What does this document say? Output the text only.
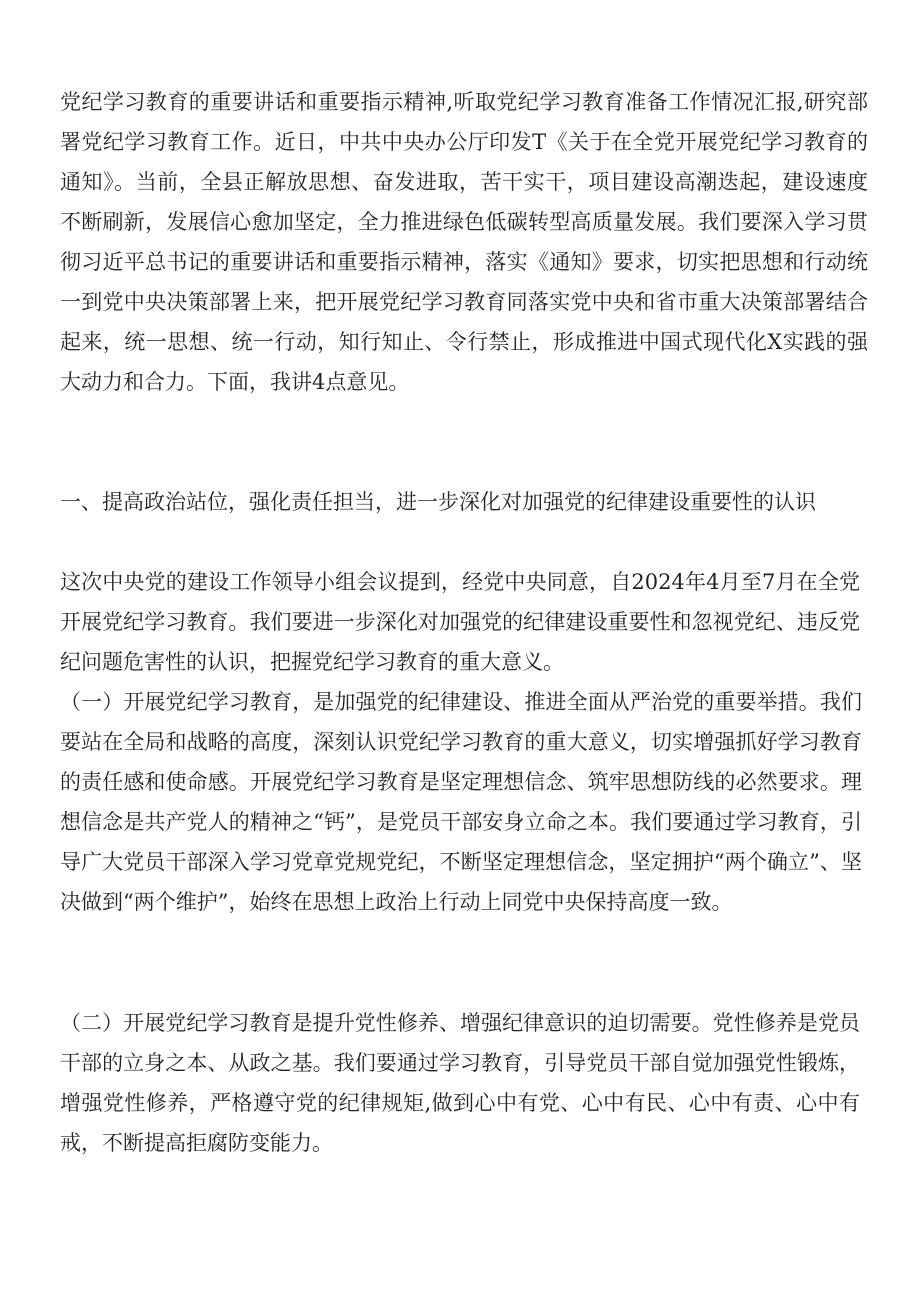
党纪学习教育的重要讲话和重要指示精神,听取党纪学习教育准备工作情况汇报,研究部署党纪学习教育工作。近日，中共中央办公厅印发T《关于在全党开展党纪学习教育的通知》。当前，全县正解放思想、奋发进取，苦干实干，项目建设高潮迭起，建设速度不断刷新，发展信心愈加坚定，全力推进绿色低碳转型高质量发展。我们要深入学习贯彻习近平总书记的重要讲话和重要指示精神，落实《通知》要求，切实把思想和行动统一到党中央决策部署上来，把开展党纪学习教育同落实党中央和省市重大决策部署结合起来，统一思想、统一行动，知行知止、令行禁止，形成推进中国式现代化X实践的强大动力和合力。下面，我讲4点意见。

一、提高政治站位，强化责任担当，进一步深化对加强党的纪律建设重要性的认识

这次中央党的建设工作领导小组会议提到，经党中央同意，自2024年4月至7月在全党开展党纪学习教育。我们要进一步深化对加强党的纪律建设重要性和忽视党纪、违反党纪问题危害性的认识，把握党纪学习教育的重大意义。

（一）开展党纪学习教育，是加强党的纪律建设、推进全面从严治党的重要举措。我们要站在全局和战略的高度，深刻认识党纪学习教育的重大意义，切实增强抓好学习教育的责任感和使命感。开展党纪学习教育是坚定理想信念、筑牢思想防线的必然要求。理想信念是共产党人的精神之“钙”，是党员干部安身立命之本。我们要通过学习教育，引导广大党员干部深入学习党章党规党纪，不断坚定理想信念，坚定拥护“两个确立”、坚决做到“两个维护”，始终在思想上政治上行动上同党中央保持高度一致。

（二）开展党纪学习教育是提升党性修养、增强纪律意识的迫切需要。党性修养是党员干部的立身之本、从政之基。我们要通过学习教育，引导党员干部自觉加强党性锻炼，增强党性修养，严格遵守党的纪律规矩,做到心中有党、心中有民、心中有责、心中有戒，不断提高拒腐防变能力。
